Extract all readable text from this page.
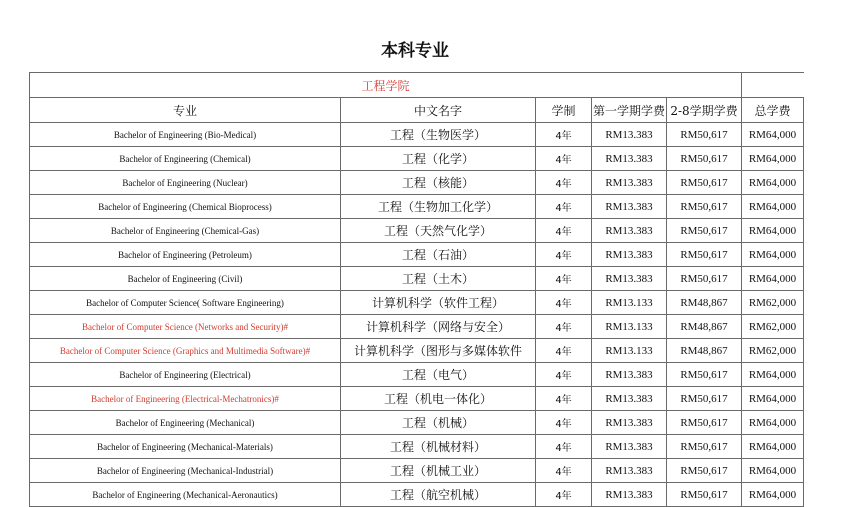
本科专业
工程学院					
专业	中文名字	学制	第一学期学费	2-8学期学费	总学费
Bachelor of Engineering (Bio-Medical)	工程（生物医学）	4年	RM13.383	RM50,617	RM64,000
Bachelor of Engineering (Chemical)	工程（化学）	4年	RM13.383	RM50,617	RM64,000
Bachelor of Engineering (Nuclear)	工程（核能）	4年	RM13.383	RM50,617	RM64,000
Bachelor of Engineering (Chemical Bioprocess)	工程（生物加工化学）	4年	RM13.383	RM50,617	RM64,000
Bachelor of Engineering (Chemical-Gas)	工程（天然气化学）	4年	RM13.383	RM50,617	RM64,000
Bachelor of Engineering (Petroleum)	工程（石油）	4年	RM13.383	RM50,617	RM64,000
Bachelor of Engineering (Civil)	工程（土木）	4年	RM13.383	RM50,617	RM64,000
Bachelor of Computer Science( Software Engineering)	计算机科学（软件工程）	4年	RM13.133	RM48,867	RM62,000
Bachelor of Computer Science (Networks and Security)#	计算机科学（网络与安全）	4年	RM13.133	RM48,867	RM62,000
Bachelor of Computer Science (Graphics and Multimedia Software)#	计算机科学（图形与多媒体软件	4年	RM13.133	RM48,867	RM62,000
Bachelor of Engineering (Electrical)	工程（电气）	4年	RM13.383	RM50,617	RM64,000
Bachelor of Engineering (Electrical-Mechatronics)#	工程（机电一体化）	4年	RM13.383	RM50,617	RM64,000
Bachelor of Engineering (Mechanical)	工程（机械）	4年	RM13.383	RM50,617	RM64,000
Bachelor of Engineering (Mechanical-Materials)	工程（机械材料）	4年	RM13.383	RM50,617	RM64,000
Bachelor of Engineering (Mechanical-Industrial)	工程（机械工业）	4年	RM13.383	RM50,617	RM64,000
Bachelor of Engineering (Mechanical-Aeronautics)	工程（航空机械）	4年	RM13.383	RM50,617	RM64,000
